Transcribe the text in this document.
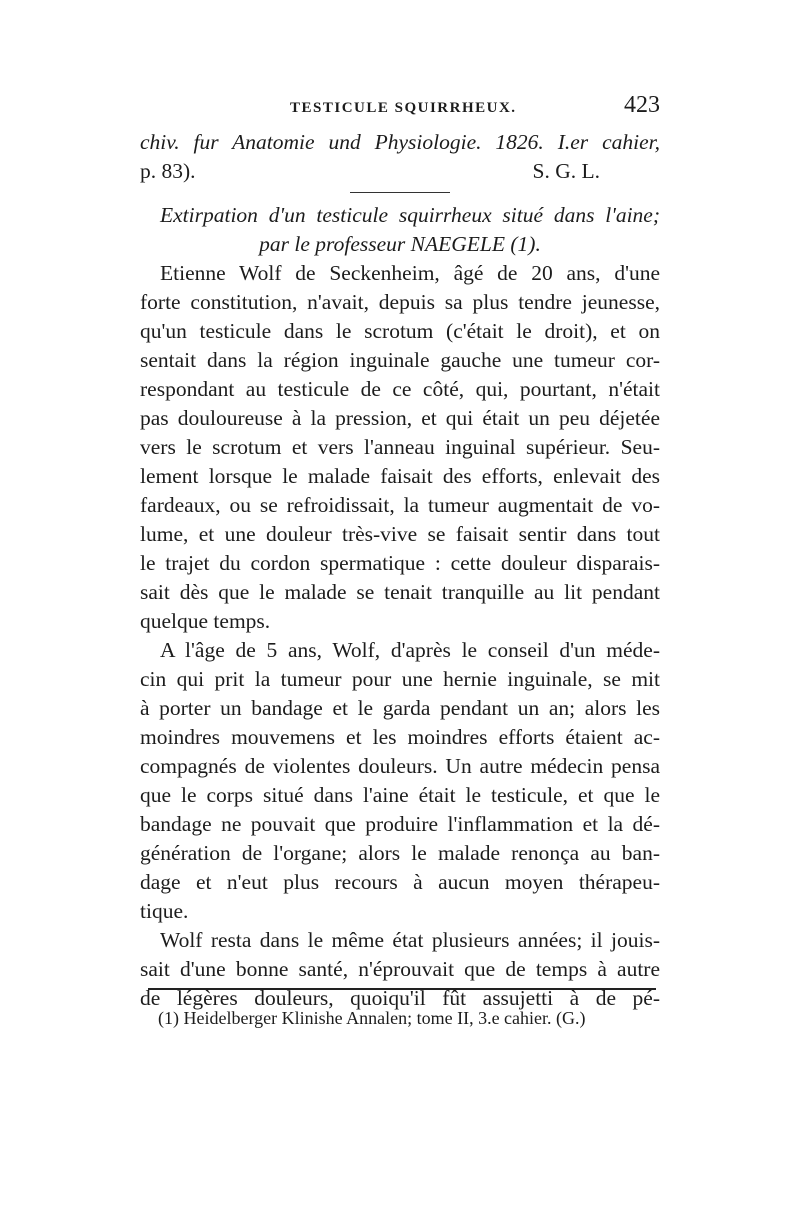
TESTICULE SQUIRRHEUX.	423
chiv. fur Anatomie und Physiologie. 1826. I.er cahier,
p. 83).	S. G. L.
Extirpation d'un testicule squirrheux situé dans l'aine;
par le professeur NAEGELE (1).
Etienne Wolf de Seckenheim, âgé de 20 ans, d'une
forte constitution, n'avait, depuis sa plus tendre jeunesse,
qu'un testicule dans le scrotum (c'était le droit), et on
sentait dans la région inguinale gauche une tumeur cor-
respondant au testicule de ce côté, qui, pourtant, n'était
pas douloureuse à la pression, et qui était un peu déjetée
vers le scrotum et vers l'anneau inguinal supérieur. Seu-
lement lorsque le malade faisait des efforts, enlevait des
fardeaux, ou se refroidissait, la tumeur augmentait de vo-
lume, et une douleur très-vive se faisait sentir dans tout
le trajet du cordon spermatique : cette douleur disparais-
sait dès que le malade se tenait tranquille au lit pendant
quelque temps.
A l'âge de 5 ans, Wolf, d'après le conseil d'un méde-
cin qui prit la tumeur pour une hernie inguinale, se mit
à porter un bandage et le garda pendant un an; alors les
moindres mouvemens et les moindres efforts étaient ac-
compagnés de violentes douleurs. Un autre médecin pensa
que le corps situé dans l'aine était le testicule, et que le
bandage ne pouvait que produire l'inflammation et la dé-
génération de l'organe; alors le malade renonça au ban-
dage et n'eut plus recours à aucun moyen thérapeu-
tique.
Wolf resta dans le même état plusieurs années; il jouis-
sait d'une bonne santé, n'éprouvait que de temps à autre
de légères douleurs, quoiqu'il fût assujetti à de pé-
(1) Heidelberger Klinishe Annalen; tome II, 3.e cahier. (G.)
